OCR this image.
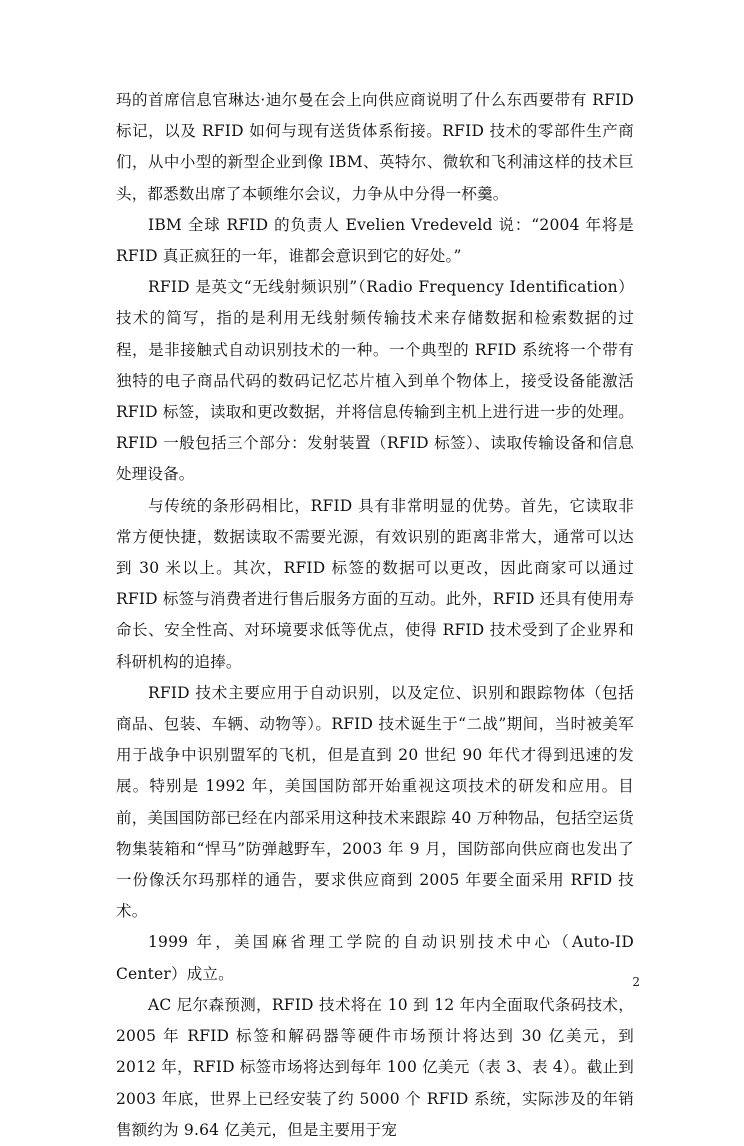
玛的首席信息官琳达·迪尔曼在会上向供应商说明了什么东西要带有 RFID 标记，以及 RFID 如何与现有送货体系衔接。RFID 技术的零部件生产商们，从中小型的新型企业到像 IBM、英特尔、微软和飞利浦这样的技术巨头，都悉数出席了本顿维尔会议，力争从中分得一杯羹。

IBM 全球 RFID 的负责人 Evelien Vredeveld 说：“2004 年将是 RFID 真正疯狂的一年，谁都会意识到它的好处。”

RFID 是英文“无线射频识别”（Radio Frequency Identification）技术的简写，指的是利用无线射频传输技术来存储数据和检索数据的过程，是非接触式自动识别技术的一种。一个典型的 RFID 系统将一个带有独特的电子商品代码的数码记忆芯片植入到单个物体上，接受设备能激活 RFID 标签，读取和更改数据，并将信息传输到主机上进行进一步的处理。RFID 一般包括三个部分：发射装置（RFID 标签）、读取传输设备和信息处理设备。

与传统的条形码相比，RFID 具有非常明显的优势。首先，它读取非常方便快捷，数据读取不需要光源，有效识别的距离非常大，通常可以达到 30 米以上。其次，RFID 标签的数据可以更改，因此商家可以通过 RFID 标签与消费者进行售后服务方面的互动。此外，RFID 还具有使用寿命长、安全性高、对环境要求低等优点，使得 RFID 技术受到了企业界和科研机构的追捧。

RFID 技术主要应用于自动识别，以及定位、识别和跟踪物体（包括商品、包装、车辆、动物等）。RFID 技术诞生于“二战”期间，当时被美军用于战争中识别盟军的飞机，但是直到 20 世纪 90 年代才得到迅速的发展。特别是 1992 年，美国国防部开始重视这项技术的研发和应用。目前，美国国防部已经在内部采用这种技术来跟踪 40 万种物品，包括空运货物集装箱和“悍马”防弹越野车，2003 年 9 月，国防部向供应商也发出了一份像沃尔玛那样的通告，要求供应商到 2005 年要全面采用 RFID 技术。

1999 年，美国麻省理工学院的自动识别技术中心（Auto-ID Center）成立。

AC 尼尔森预测，RFID 技术将在 10 到 12 年内全面取代条码技术，2005 年 RFID 标签和解码器等硬件市场预计将达到 30 亿美元，到 2012 年，RFID 标签市场将达到每年 100 亿美元（表 3、表 4）。截止到 2003 年底，世界上已经安装了约 5000 个 RFID 系统，实际涉及的年销售额约为 9.64 亿美元，但是主要用于宠

2
